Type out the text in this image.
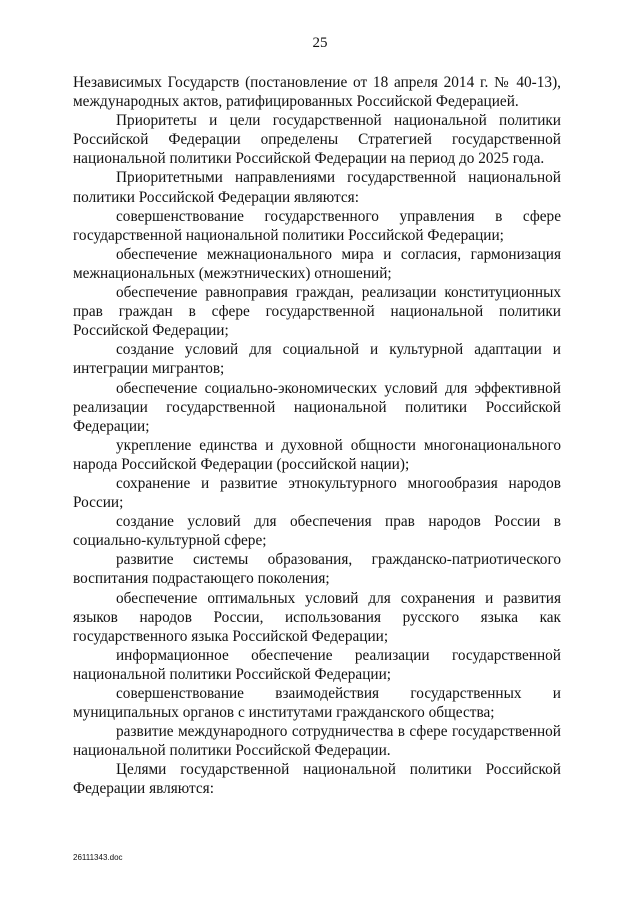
25

Независимых Государств (постановление от 18 апреля 2014 г. № 40-13), международных актов, ратифицированных Российской Федерацией.

Приоритеты и цели государственной национальной политики Российской Федерации определены Стратегией государственной национальной политики Российской Федерации на период до 2025 года.

Приоритетными направлениями государственной национальной политики Российской Федерации являются:

совершенствование государственного управления в сфере государственной национальной политики Российской Федерации;

обеспечение межнационального мира и согласия, гармонизация межнациональных (межэтнических) отношений;

обеспечение равноправия граждан, реализации конституционных прав граждан в сфере государственной национальной политики Российской Федерации;

создание условий для социальной и культурной адаптации и интеграции мигрантов;

обеспечение социально-экономических условий для эффективной реализации государственной национальной политики Российской Федерации;

укрепление единства и духовной общности многонационального народа Российской Федерации (российской нации);

сохранение и развитие этнокультурного многообразия народов России;

создание условий для обеспечения прав народов России в социально-культурной сфере;

развитие системы образования, гражданско-патриотического воспитания подрастающего поколения;

обеспечение оптимальных условий для сохранения и развития языков народов России, использования русского языка как государственного языка Российской Федерации;

информационное обеспечение реализации государственной национальной политики Российской Федерации;

совершенствование взаимодействия государственных и муниципальных органов с институтами гражданского общества;

развитие международного сотрудничества в сфере государственной национальной политики Российской Федерации.

Целями государственной национальной политики Российской Федерации являются:

26111343.doc
